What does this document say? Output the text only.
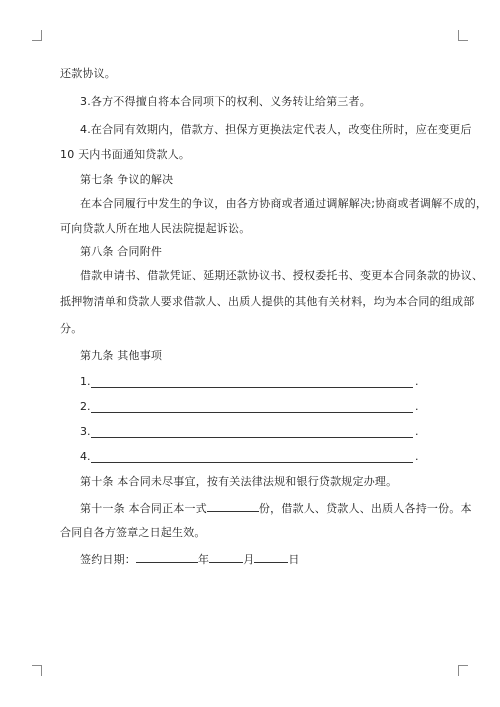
还款协议。
3.各方不得擅自将本合同项下的权利、义务转让给第三者。
4.在合同有效期内，借款方、担保方更换法定代表人，改变住所时，应在变更后
10 天内书面通知贷款人。
第七条 争议的解决
在本合同履行中发生的争议，由各方协商或者通过调解解决;协商或者调解不成的，
可向贷款人所在地人民法院提起诉讼。
第八条 合同附件
借款申请书、借款凭证、延期还款协议书、授权委托书、变更本合同条款的协议、
抵押物清单和贷款人要求借款人、出质人提供的其他有关材料，均为本合同的组成部
分。
第九条 其他事项
1.	.
2.	.
3.	.
4.	.
第十条 本合同未尽事宜，按有关法律法规和银行贷款规定办理。
第十一条 本合同正本一式	份，借款人、贷款人、出质人各持一份。本
合同自各方签章之日起生效。
签约日期：	年	月	日
